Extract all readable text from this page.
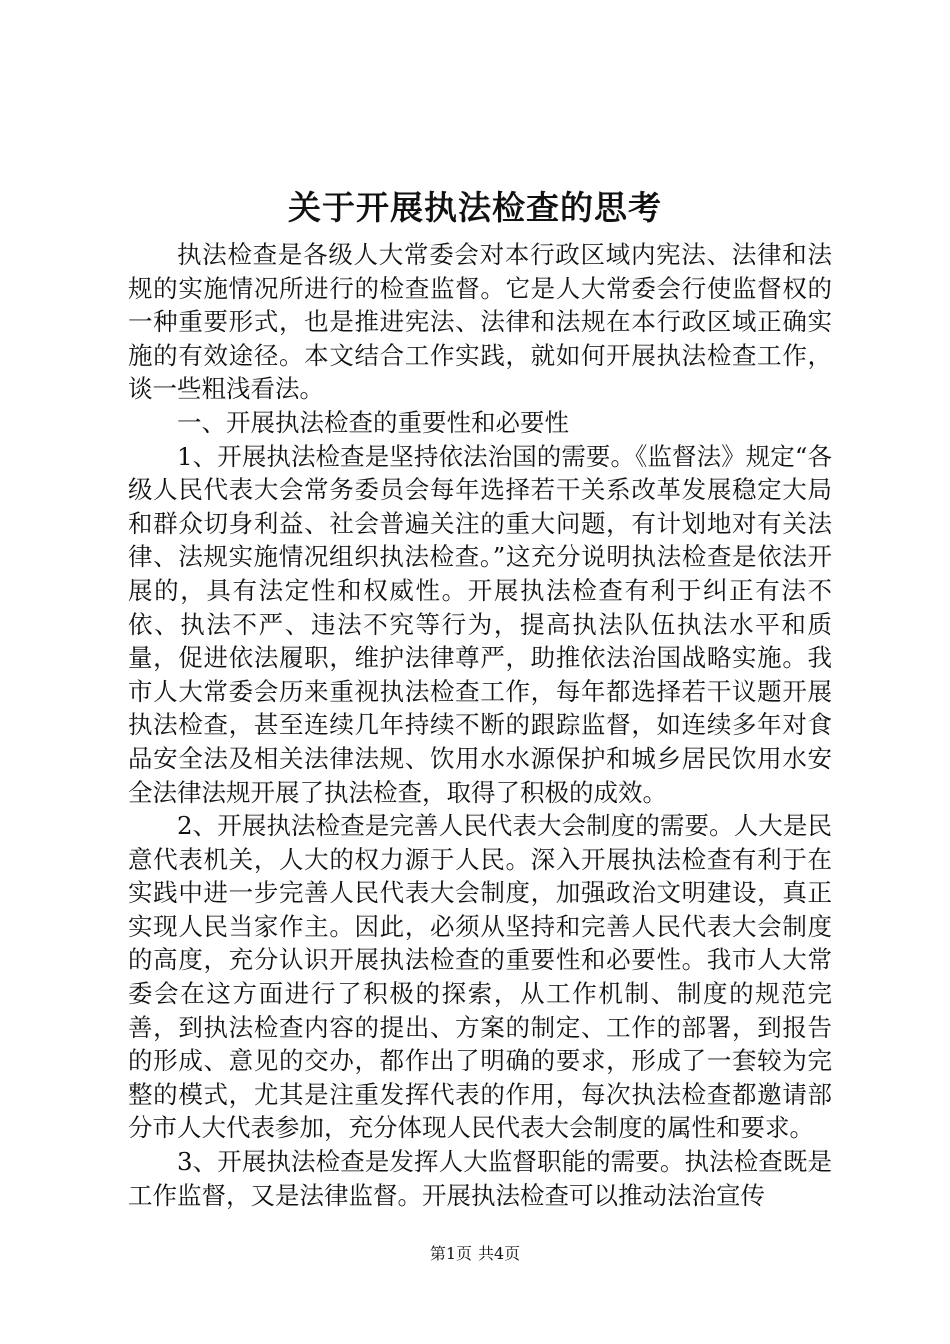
关于开展执法检查的思考

执法检查是各级人大常委会对本行政区域内宪法、法律和法规的实施情况所进行的检查监督。它是人大常委会行使监督权的一种重要形式，也是推进宪法、法律和法规在本行政区域正确实施的有效途径。本文结合工作实践，就如何开展执法检查工作，谈一些粗浅看法。

一、开展执法检查的重要性和必要性

1、开展执法检查是坚持依法治国的需要。《监督法》规定“各级人民代表大会常务委员会每年选择若干关系改革发展稳定大局和群众切身利益、社会普遍关注的重大问题，有计划地对有关法律、法规实施情况组织执法检查。”这充分说明执法检查是依法开展的，具有法定性和权威性。开展执法检查有利于纠正有法不依、执法不严、违法不究等行为，提高执法队伍执法水平和质量，促进依法履职，维护法律尊严，助推依法治国战略实施。我市人大常委会历来重视执法检查工作，每年都选择若干议题开展执法检查，甚至连续几年持续不断的跟踪监督，如连续多年对食品安全法及相关法律法规、饮用水水源保护和城乡居民饮用水安全法律法规开展了执法检查，取得了积极的成效。

2、开展执法检查是完善人民代表大会制度的需要。人大是民意代表机关，人大的权力源于人民。深入开展执法检查有利于在实践中进一步完善人民代表大会制度，加强政治文明建设，真正实现人民当家作主。因此，必须从坚持和完善人民代表大会制度的高度，充分认识开展执法检查的重要性和必要性。我市人大常委会在这方面进行了积极的探索，从工作机制、制度的规范完善，到执法检查内容的提出、方案的制定、工作的部署，到报告的形成、意见的交办，都作出了明确的要求，形成了一套较为完整的模式，尤其是注重发挥代表的作用，每次执法检查都邀请部分市人大代表参加，充分体现人民代表大会制度的属性和要求。

3、开展执法检查是发挥人大监督职能的需要。执法检查既是工作监督，又是法律监督。开展执法检查可以推动法治宣传

第1页 共4页
